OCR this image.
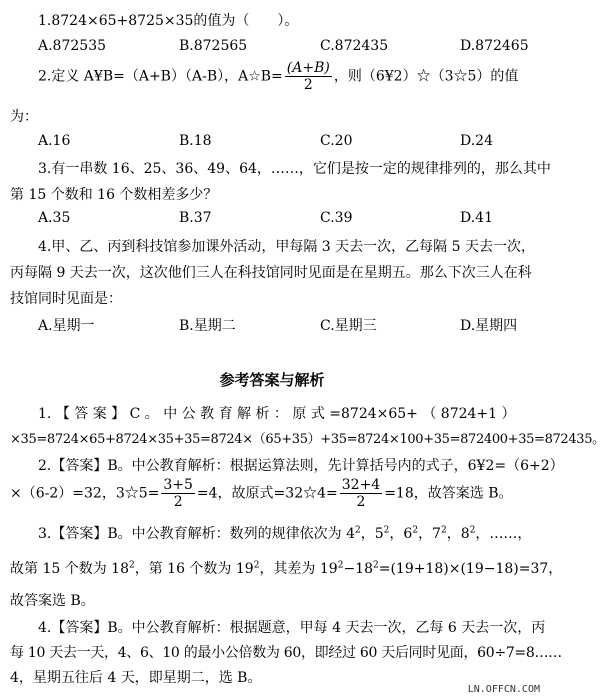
1.8724×65+8725×35的值为（　　）。
A.872535	B.872565	C.872435	D.872465
2.定义 A¥B=（A+B）（A-B），A☆B= $\frac{(A+B)}{2}$ ，则（6¥2）☆（3☆5）的值
为：
A.16	B.18	C.20	D.24
3.有一串数 16、25、36、49、64，……，它们是按一定的规律排列的，那么其中
第 15 个数和 16 个数相差多少？
A.35	B.37	C.39	D.41
4.甲、乙、丙到科技馆参加课外活动，甲每隔 3 天去一次，乙每隔 5 天去一次，
丙每隔 9 天去一次，这次他们三人在科技馆同时见面是在星期五。那么下次三人在科
技馆同时见面是：
A.星期一	B.星期二	C.星期三	D.星期四
参考答案与解析
1. 【 答 案 】 C 。 中 公 教 育 解 析 ： 原 式 =8724×65+ （ 8724+1 ）
×35=8724×65+8724×35+35=8724×（65+35）+35=8724×100+35=872400+35=872435。
2.【答案】B。中公教育解析：根据运算法则，先计算括号内的式子，6¥2=（6+2）
×（6-2）=32，3☆5= $\frac{3+5}{2} =4$，故原式=32☆4= $\frac{32+4}{2} =18$，故答案选 B。
3.【答案】B。中公教育解析：数列的规律依次为 $4^2$，$5^2$，$6^2$，$7^2$，$8^2$，……，
故第 15 个数为 $18^2$，第 16 个数为 $19^2$，其差为 $19^2-18^2=(19+18)\times(19-18)=37$，
故答案选 B。
4.【答案】B。中公教育解析：根据题意，甲每 4 天去一次，乙每 6 天去一次，丙
每 10 天去一天，4、6、10 的最小公倍数为 60，即经过 60 天后同时见面，60÷7=8……
4，星期五往后 4 天，即星期二，选 B。
LN.OFFCN.COM
